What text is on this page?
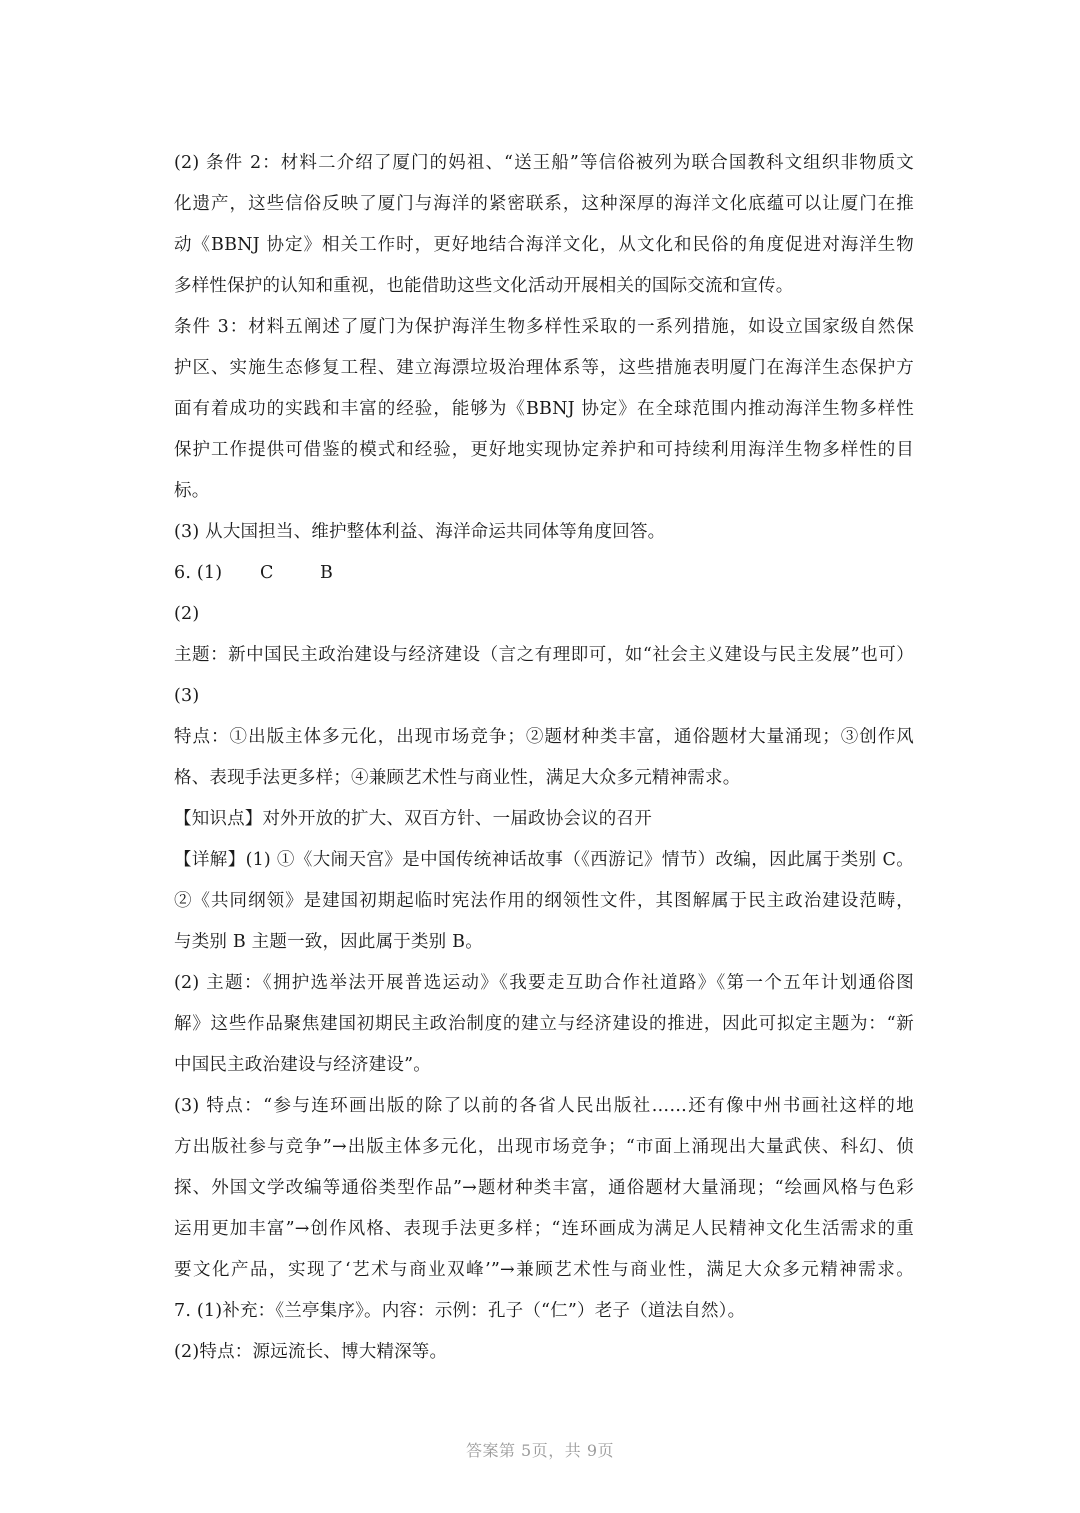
(2) 条件 2：材料二介绍了厦门的妈祖、“送王船”等信俗被列为联合国教科文组织非物质文
化遗产，这些信俗反映了厦门与海洋的紧密联系，这种深厚的海洋文化底蕴可以让厦门在推
动《BBNJ 协定》相关工作时，更好地结合海洋文化，从文化和民俗的角度促进对海洋生物
多样性保护的认知和重视，也能借助这些文化活动开展相关的国际交流和宣传。
条件 3：材料五阐述了厦门为保护海洋生物多样性采取的一系列措施，如设立国家级自然保
护区、实施生态修复工程、建立海漂垃圾治理体系等，这些措施表明厦门在海洋生态保护方
面有着成功的实践和丰富的经验，能够为《BBNJ 协定》在全球范围内推动海洋生物多样性
保护工作提供可借鉴的模式和经验，更好地实现协定养护和可持续利用海洋生物多样性的目
标。
(3) 从大国担当、维护整体利益、海洋命运共同体等角度回答。
6. (1) C	B
(2)
主题：新中国民主政治建设与经济建设（言之有理即可，如“社会主义建设与民主发展”也可）
(3)
特点：①出版主体多元化，出现市场竞争；②题材种类丰富，通俗题材大量涌现；③创作风
格、表现手法更多样；④兼顾艺术性与商业性，满足大众多元精神需求。
【知识点】对外开放的扩大、双百方针、一届政协会议的召开
【详解】(1) ①《大闹天宫》是中国传统神话故事（《西游记》情节）改编，因此属于类别 C。
②《共同纲领》是建国初期起临时宪法作用的纲领性文件，其图解属于民主政治建设范畴，
与类别 B 主题一致，因此属于类别 B。
(2) 主题：《拥护选举法开展普选运动》《我要走互助合作社道路》《第一个五年计划通俗图
解》这些作品聚焦建国初期民主政治制度的建立与经济建设的推进，因此可拟定主题为：“新
中国民主政治建设与经济建设”。
(3) 特点：“参与连环画出版的除了以前的各省人民出版社……还有像中州书画社这样的地
方出版社参与竞争”→出版主体多元化，出现市场竞争；“市面上涌现出大量武侠、科幻、侦
探、外国文学改编等通俗类型作品”→题材种类丰富，通俗题材大量涌现；“绘画风格与色彩
运用更加丰富”→创作风格、表现手法更多样；“连环画成为满足人民精神文化生活需求的重
要文化产品，实现了‘艺术与商业双峰’”→兼顾艺术性与商业性，满足大众多元精神需求。
7. (1)补充：《兰亭集序》。内容：示例：孔子（“仁”）老子（道法自然）。
(2)特点：源远流长、博大精深等。
答案第 5页，共 9页
